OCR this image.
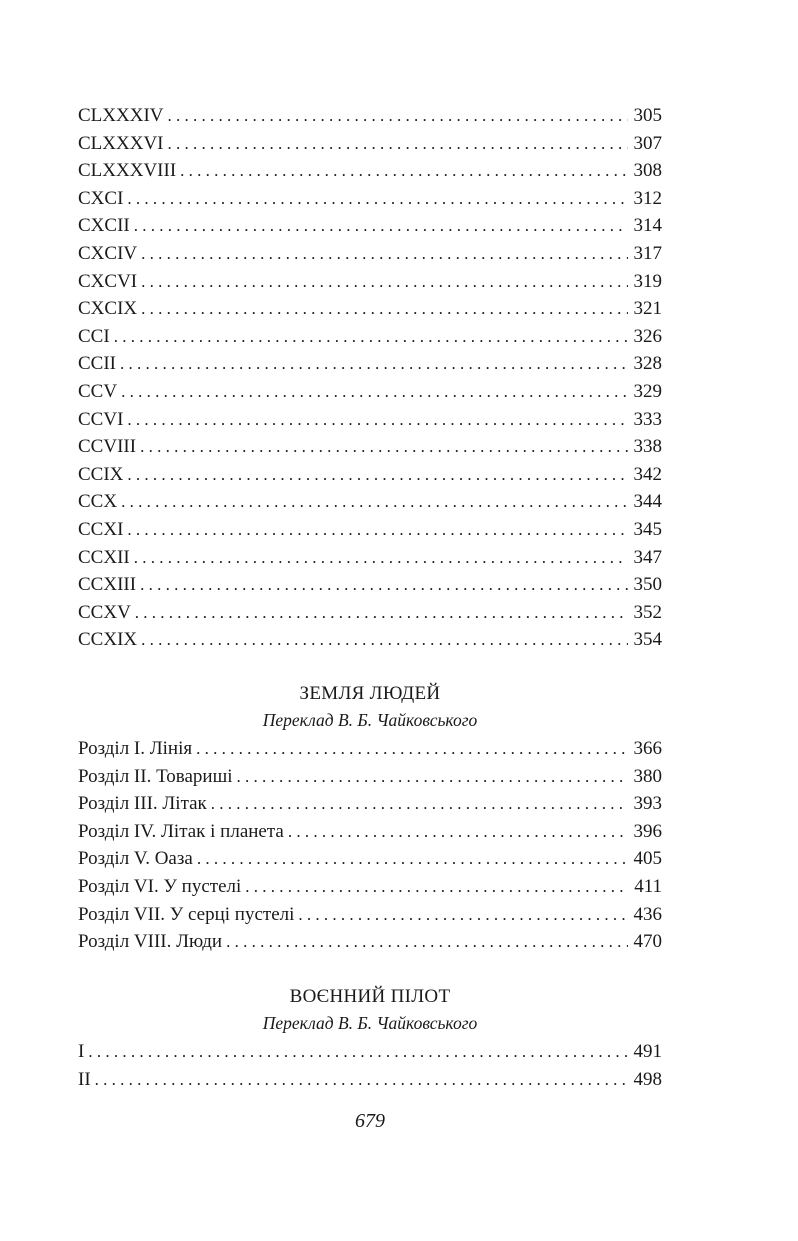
CLXXXIV . . .	305
CLXXXVI . . .	307
CLXXXVIII . . .	308
CXCI . . .	312
CXCII . . .	314
CXCIV . . .	317
CXCVI . . .	319
CXCIX . . .	321
CCI . . .	326
CCII . . .	328
CCV . . .	329
CCVI . . .	333
CCVIII . . .	338
CCIX . . .	342
CCX . . .	344
CCXI . . .	345
CCXII . . .	347
CCXIII . . .	350
CCXV . . .	352
CCXIX . . .	354
ЗЕМЛЯ ЛЮДЕЙ
Переклад В. Б. Чайковського
Розділ I. Лінія . . .	366
Розділ II. Товариші . . .	380
Розділ III. Літак . . .	393
Розділ IV. Літак і планета . . .	396
Розділ V. Оаза . . .	405
Розділ VI. У пустелі . . .	411
Розділ VII. У серці пустелі . . .	436
Розділ VIII. Люди . . .	470
ВОЄННИЙ ПІЛОТ
Переклад В. Б. Чайковського
I . . .	491
II . . .	498
679
